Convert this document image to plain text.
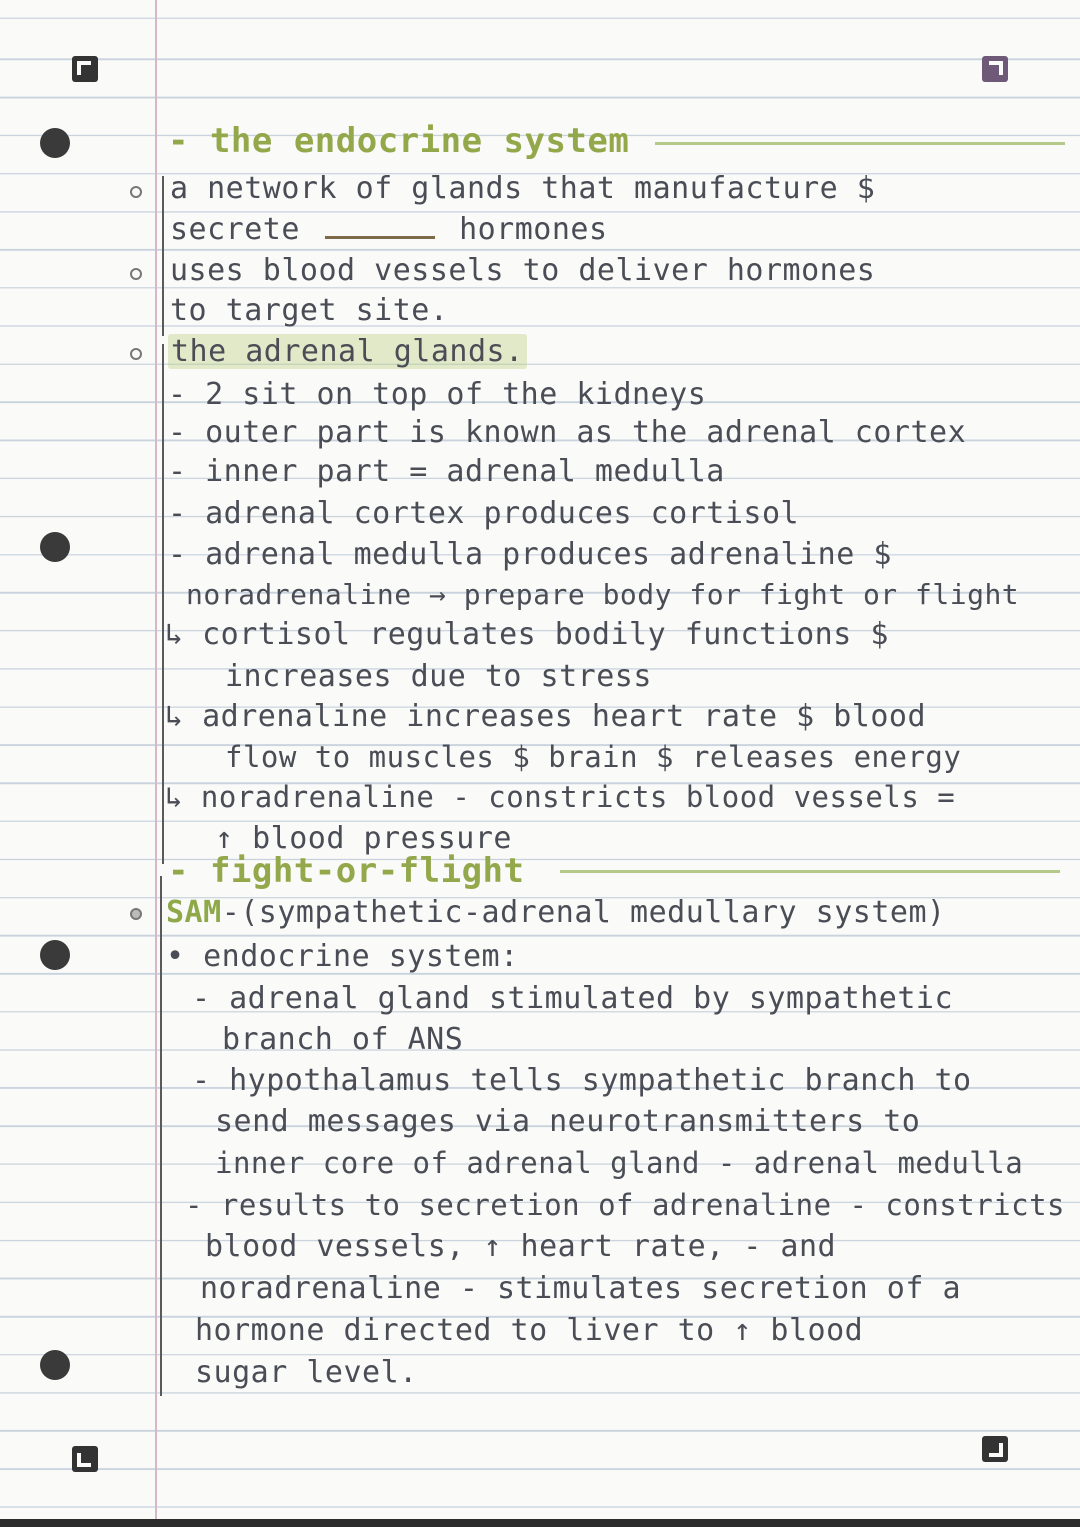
- the endocrine system
a network of glands that manufacture $
secrete	hormones
uses blood vessels to deliver hormones
to target site.
the adrenal glands.
- 2 sit on top of the kidneys
- outer part is known as the adrenal cortex
- inner part = adrenal medulla
- adrenal cortex produces cortisol
- adrenal medulla produces adrenaline $
noradrenaline → prepare body for fight or flight
↳ cortisol regulates bodily functions $
increases due to stress
↳ adrenaline increases heart rate $ blood
flow to muscles $ brain $ releases energy
↳ noradrenaline - constricts blood vessels =
↑ blood pressure
- fight-or-flight
SAM-(sympathetic-adrenal medullary system)
• endocrine system:
- adrenal gland stimulated by sympathetic
branch of ANS
- hypothalamus tells sympathetic branch to
send messages via neurotransmitters to
inner core of adrenal gland - adrenal medulla
- results to secretion of adrenaline - constricts
blood vessels, ↑ heart rate, - and
noradrenaline - stimulates secretion of a
hormone directed to liver to ↑ blood
sugar level.
